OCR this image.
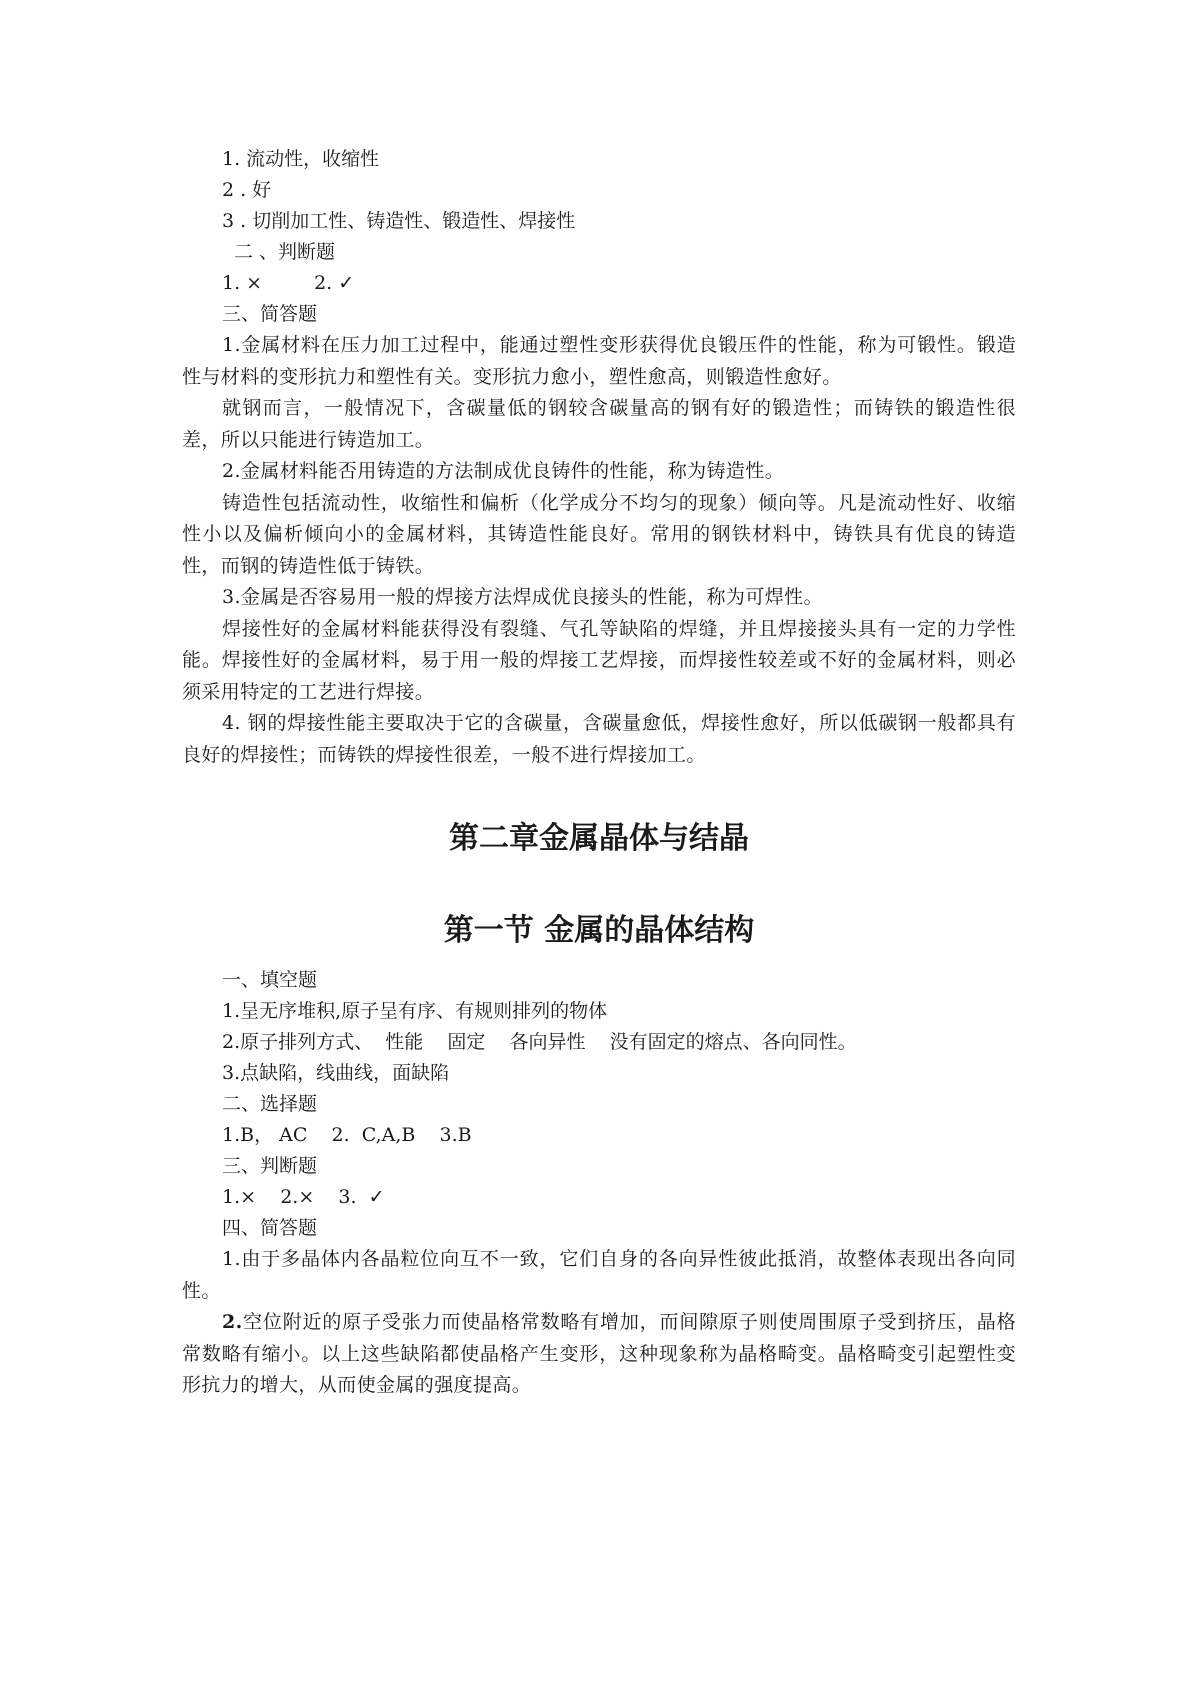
1. 流动性，收缩性
2 . 好
3 . 切削加工性、铸造性、锻造性、焊接性
二 、判断题
1. ×	2. ✓
三、简答题
1.金属材料在压力加工过程中，能通过塑性变形获得优良锻压件的性能，称为可锻性。锻造性与材料的变形抗力和塑性有关。变形抗力愈小，塑性愈高，则锻造性愈好。
就钢而言，一般情况下，含碳量低的钢较含碳量高的钢有好的锻造性；而铸铁的锻造性很差，所以只能进行铸造加工。
2.金属材料能否用铸造的方法制成优良铸件的性能，称为铸造性。
铸造性包括流动性，收缩性和偏析（化学成分不均匀的现象）倾向等。凡是流动性好、收缩性小以及偏析倾向小的金属材料，其铸造性能良好。常用的钢铁材料中，铸铁具有优良的铸造性，而钢的铸造性低于铸铁。
3.金属是否容易用一般的焊接方法焊成优良接头的性能，称为可焊性。
焊接性好的金属材料能获得没有裂缝、气孔等缺陷的焊缝，并且焊接接头具有一定的力学性能。焊接性好的金属材料，易于用一般的焊接工艺焊接，而焊接性较差或不好的金属材料，则必须采用特定的工艺进行焊接。
4. 钢的焊接性能主要取决于它的含碳量，含碳量愈低，焊接性愈好，所以低碳钢一般都具有良好的焊接性；而铸铁的焊接性很差，一般不进行焊接加工。
第二章金属晶体与结晶
第一节 金属的晶体结构
一、填空题
1.呈无序堆积,原子呈有序、有规则排列的物体
2.原子排列方式、  性能    固定    各向异性    没有固定的熔点、各向同性。
3.点缺陷，线曲线，面缺陷
二、选择题
1.B， AC    2.  C,A,B    3.B
三、判断题
1.×    2.×    3.  ✓
四、简答题
1.由于多晶体内各晶粒位向互不一致，它们自身的各向异性彼此抵消，故整体表现出各向同性。
2.空位附近的原子受张力而使晶格常数略有增加，而间隙原子则使周围原子受到挤压，晶格常数略有缩小。以上这些缺陷都使晶格产生变形，这种现象称为晶格畸变。晶格畸变引起塑性变形抗力的增大，从而使金属的强度提高。
